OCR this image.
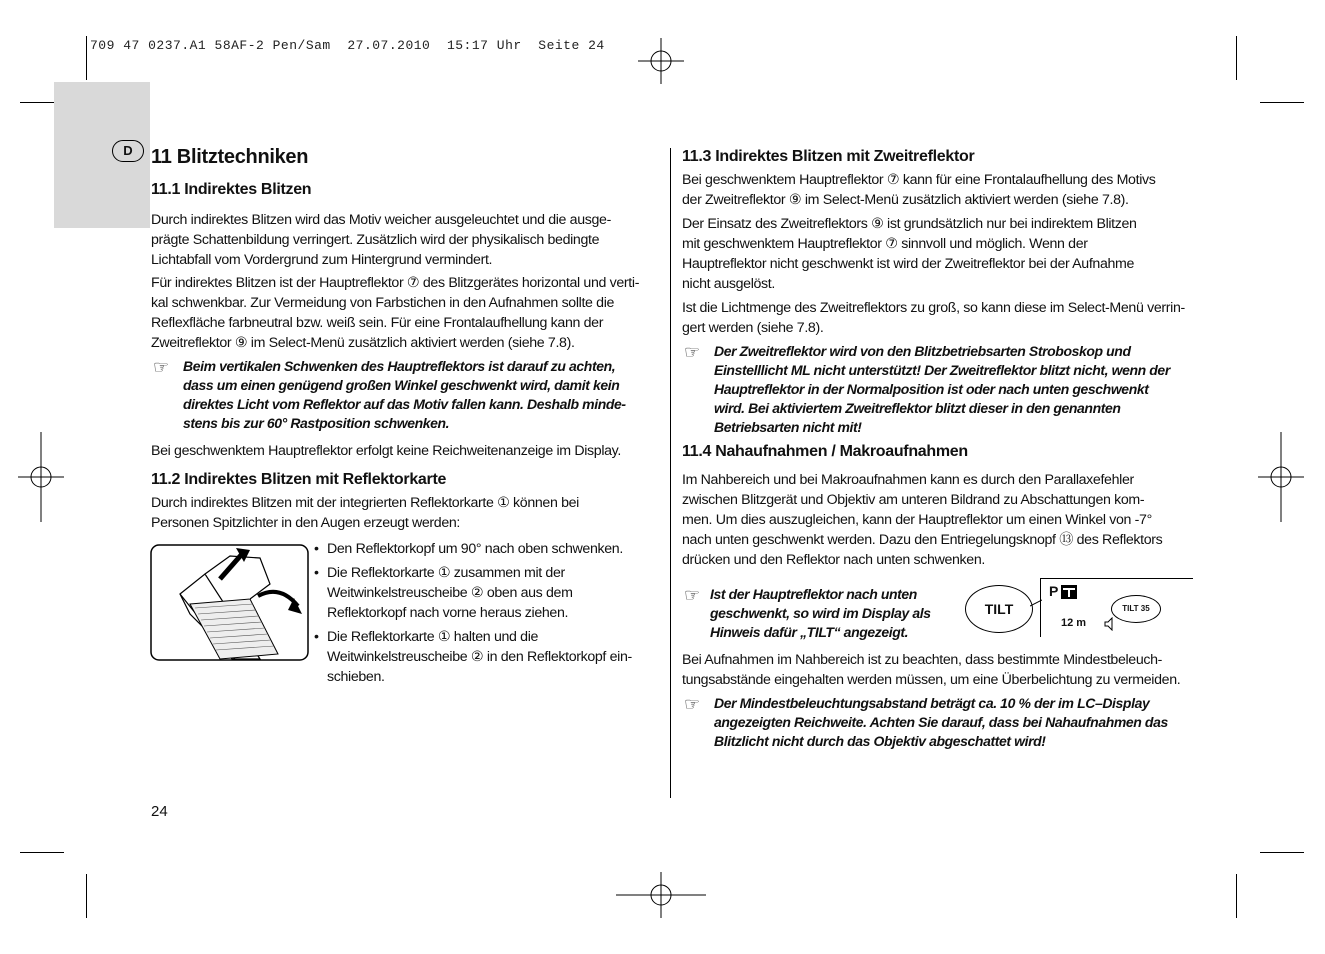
709 47 0237.A1 58AF-2 Pen/Sam  27.07.2010  15:17 Uhr  Seite 24
D 11 Blitztechniken
11.1 Indirektes Blitzen
Durch indirektes Blitzen wird das Motiv weicher ausgeleuchtet und die ausge-
prägte Schattenbildung verringert. Zusätzlich wird der physikalisch bedingte
Lichtabfall vom Vordergrund zum Hintergrund vermindert.
Für indirektes Blitzen ist der Hauptreflektor ⑦ des Blitzgerätes horizontal und verti-
kal schwenkbar. Zur Vermeidung von Farbstichen in den Aufnahmen sollte die
Reflexfläche farbneutral bzw. weiß sein. Für eine Frontalaufhellung kann der
Zweitreflektor ⑨ im Select-Menü zusätzlich aktiviert werden (siehe 7.8).
☞ Beim vertikalen Schwenken des Hauptreflektors ist darauf zu achten,
dass um einen genügend großen Winkel geschwenkt wird, damit kein
direktes Licht vom Reflektor auf das Motiv fallen kann. Deshalb minde-
stens bis zur 60° Rastposition schwenken.
Bei geschwenktem Hauptreflektor erfolgt keine Reichweitenanzeige im Display.
11.2 Indirektes Blitzen mit Reflektorkarte
Durch indirektes Blitzen mit der integrierten Reflektorkarte ① können bei
Personen Spitzlichter in den Augen erzeugt werden:
• Den Reflektorkopf um 90° nach oben schwenken.
• Die Reflektorkarte ① zusammen mit der
Weitwinkelstreuscheibe ② oben aus dem
Reflektorkopf nach vorne heraus ziehen.
• Die Reflektorkarte ① halten und die
Weitwinkelstreuscheibe ② in den Reflektorkopf ein-
schieben.
24
11.3 Indirektes Blitzen mit Zweitreflektor
Bei geschwenktem Hauptreflektor ⑦ kann für eine Frontalaufhellung des Motivs
der Zweitreflektor ⑨ im Select-Menü zusätzlich aktiviert werden (siehe 7.8).
Der Einsatz des Zweitreflektors ⑨ ist grundsätzlich nur bei indirektem Blitzen
mit geschwenktem Hauptreflektor ⑦ sinnvoll und möglich. Wenn der
Hauptreflektor nicht geschwenkt ist wird der Zweitreflektor bei der Aufnahme
nicht ausgelöst.
Ist die Lichtmenge des Zweitreflektors zu groß, so kann diese im Select-Menü verrin-
gert werden (siehe 7.8).
☞ Der Zweitreflektor wird von den Blitzbetriebsarten Stroboskop und
Einstelllicht ML nicht unterstützt! Der Zweitreflektor blitzt nicht, wenn der
Hauptreflektor in der Normalposition ist oder nach unten geschwenkt
wird. Bei aktiviertem Zweitreflektor blitzt dieser in den genannten
Betriebsarten nicht mit!
11.4 Nahaufnahmen / Makroaufnahmen
Im Nahbereich und bei Makroaufnahmen kann es durch den Parallaxefehler
zwischen Blitzgerät und Objektiv am unteren Bildrand zu Abschattungen kom-
men. Um dies auszugleichen, kann der Hauptreflektor um einen Winkel von -7°
nach unten geschwenkt werden. Dazu den Entriegelungsknopf ⑬ des Reflektors
drücken und den Reflektor nach unten schwenken.
☞ Ist der Hauptreflektor nach unten
geschwenkt, so wird im Display als
Hinweis dafür „TILT“ angezeigt.
TILT
P
TILT 35
12 m
Bei Aufnahmen im Nahbereich ist zu beachten, dass bestimmte Mindestbeleuch-
tungsabstände eingehalten werden müssen, um eine Überbelichtung zu vermeiden.
☞ Der Mindestbeleuchtungsabstand beträgt ca. 10 % der im LC–Display
angezeigten Reichweite. Achten Sie darauf, dass bei Nahaufnahmen das
Blitzlicht nicht durch das Objektiv abgeschattet wird!
